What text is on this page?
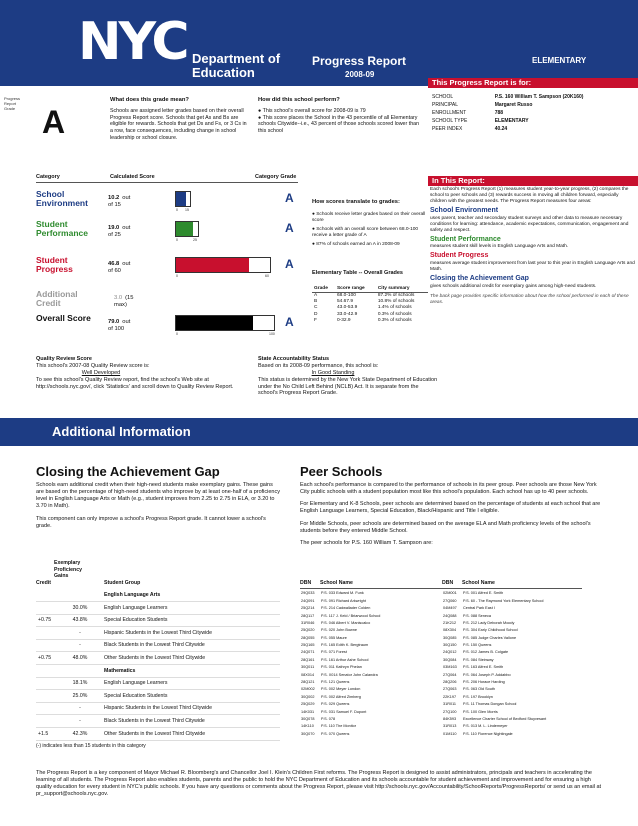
NYC Department of
Education
Progress Report
2008-09
ELEMENTARY
This Progress Report is for:
SCHOOL	P.S. 160 William T. Sampson (20K160)
PRINCIPAL	Margaret Russo
ENROLLMENT	788
SCHOOL TYPE	ELEMENTARY
PEER INDEX	40.24
Progress
Report
Grade A
What does this grade mean?
Schools are assigned letter grades based on their overall Progress Report score. Schools that get As and Bs are eligible for rewards. Schools that get Ds and Fs, or 3 Cs in a row, face consequences, including change in school leadership or school closure.
How did this school perform?
● This school's overall score for 2008-09 is 79
● This score places the School in the 43 percentile of all Elementary schools Citywide--i.e., 43 percent of those schools scored lower than this school
Category	Calculated Score	Category Grade
School Environment	10.2 out of 15
0 15
A
Student Performance	19.0 out of 25
0	25
A
Student Progress	46.8 out of 60
0	60
A
Additional Credit	3.0 (15 max)
Overall Score	79.0 out of 100
0	100
A
How scores translate to grades:
● Schools receive letter grades based on their overall score
● Schools with an overall score between 68.0-100 receive a letter grade of A
● 87% of schools earned an A in 2008-09
Elementary Table -- Overall Grades
Grade	Score range	City summary
A	68.0-100	87.2% of schools
B	54.67.9	10.8% of schools
C	43.0-53.9	1.4% of schools
D	33.0-42.9	0.3% of schools
F	0-32.9	0.3% of schools
In This Report:
Each school's Progress Report (1) measures student year-to-year progress, (2) compares the school to peer schools and (3) rewards success in moving all children forward, especially children with the greatest needs. The Progress Report measures four areas:
School Environment
uses parent, teacher and secondary student surveys and other data to measure necessary conditions for learning: attendance, academic expectations, communication, engagement and safety and respect.
Student Performance
measures student skill levels in English Language Arts and Math.
Student Progress
measures average student improvement from last year to this year in English Language Arts and Math.
Closing the Achievement Gap
gives schools additional credit for exemplary gains among high-need students.
The back page provides specific information about how the school performed in each of these areas.
Quality Review Score
This school's 2007-08 Quality Review score is:
Well Developed
To see this school's Quality Review report, find the school's Web site at http://schools.nyc.gov/, click 'Statistics' and scroll down to Quality Review Report.
State Accountability Status
Based on its 2008-09 performance, this school is:
In Good Standing
This status is determined by the New York State Department of Education under the No Child Left Behind (NCLB) Act. It is separate from the school's Progress Report Grade.
Additional Information
Closing the Achievement Gap
Schools earn additional credit when their high-need students make exemplary gains. These gains are based on the percentage of high-need students who improve by at least one-half of a proficiency level in English Language Arts or Math (e.g., student improves from 2.25 to 2.75 in ELA, or 3.20 to 3.70 in Math).
This component can only improve a school's Progress Report grade. It cannot lower a school's grade.
Exemplary Proficiency Gains
Credit	Student Group
		English Language Arts
	30.0%	English Language Learners
+0.75	43.8%	Special Education Students
	-	Hispanic Students in the Lowest Third Citywide
	-	Black Students in the Lowest Third Citywide
+0.75	48.0%	Other Students in the Lowest Third Citywide
		Mathematics
	18.1%	English Language Learners
	25.0%	Special Education Students
	-	Hispanic Students in the Lowest Third Citywide
	-	Black Students in the Lowest Third Citywide
+1.5	42.3%	Other Students in the Lowest Third Citywide
(-) indicates less than 15 students in this category
Peer Schools
Each school's performance is compared to the performance of schools in its peer group. Peer schools are those New York City public schools with a student population most like this school's population. Each school has up to 40 peer schools.
For Elementary and K-8 Schools, peer schools are determined based on the percentage of students at each school that are English Language Learners, Special Education, Black/Hispanic and Title I eligible.
For Middle Schools, peer schools are determined based on the average ELA and Math proficiency levels of the school's students before they entered Middle School.
The peer schools for P.S. 160 William T. Sampson are:
DBN School Name	DBN School Name
29Q033	P.S. 033 Edward M. Funk
24Q091	P.S. 091 Richard Arkwright
25Q214	P.S. 214 Cadwallader Colden
28Q117	P.S. 117 J. Keld / Briarwood School
31R046	P.S. 046 Albert V. Maniscalco
25Q020	P.S. 020 John Bowne
28Q055	P.S. 055 Maure
25Q165	P.S. 165 Edith K. Bergtraum
24Q071	P.S. 071 Forest
28Q161	P.S. 161 Arthur Ashe School
30Q011	P.S. 011 Kathryn Phelan
08X014	P.S. X014 Senator John Calandra
28Q121	P.S. 121 Queens
02M002	P.S. 002 Meyer London
30Q002	P.S. 002 Alfred Zimberg
25Q029	P.S. 029 Queens
14K031	P.S. 031 Samuel F. Dupont
30Q078	P.S. 078
14K110	P.S. 110 The Monitor
30Q070	P.S. 070 Queens
02M001	P.S. 001 Alfred E. Smith
27Q060	P.S. 60 - The Raymond York Elementary School
04M497	Central Park East I
24Q088	P.S. 088 Seneca
21K212	P.S. 212 Lady Deborah Moody
08X304	P.S. 304 Early Childhood School
30Q085	P.S. 085 Judge Charles Vallone
30Q150	P.S. 150 Queens
24Q012	P.S. 012 James B. Colgate
30Q084	P.S. 084 Steinway
03M163	P.S. 163 Alfred E. Smith
27Q064	P.S. 064 Joseph P. Addabbo
28Q206	P.S. 206 Horace Harding
27Q063	P.S. 063 Old South
22K197	P.S. 197 Brooklyn
31R011	P.S. 11 Thomas Dongan School
27Q100	P.S. 100 Glen Morris
84K593	Excellence Charter School of Bedford Stuyvesant
31R013	P.S. 013 M. L. Lindemeyer
01M110	P.S. 110 Florence Nightingale
The Progress Report is a key component of Mayor Michael R. Bloomberg's and Chancellor Joel I. Klein's Children First reforms. The Progress Report is designed to assist administrators, principals and teachers in accelerating the learning of all students. The Progress Report also enables students, parents and the public to hold the NYC Department of Education and its schools accountable for student achievement and improvement and for ensuring a high quality education for every student in NYC's public schools. If you have any questions or comments about the Progress Report, please visit http://schools.nyc.gov/Accountability/SchoolReports/ProgressReports/ or send us an email at pr_support@schools.nyc.gov.
